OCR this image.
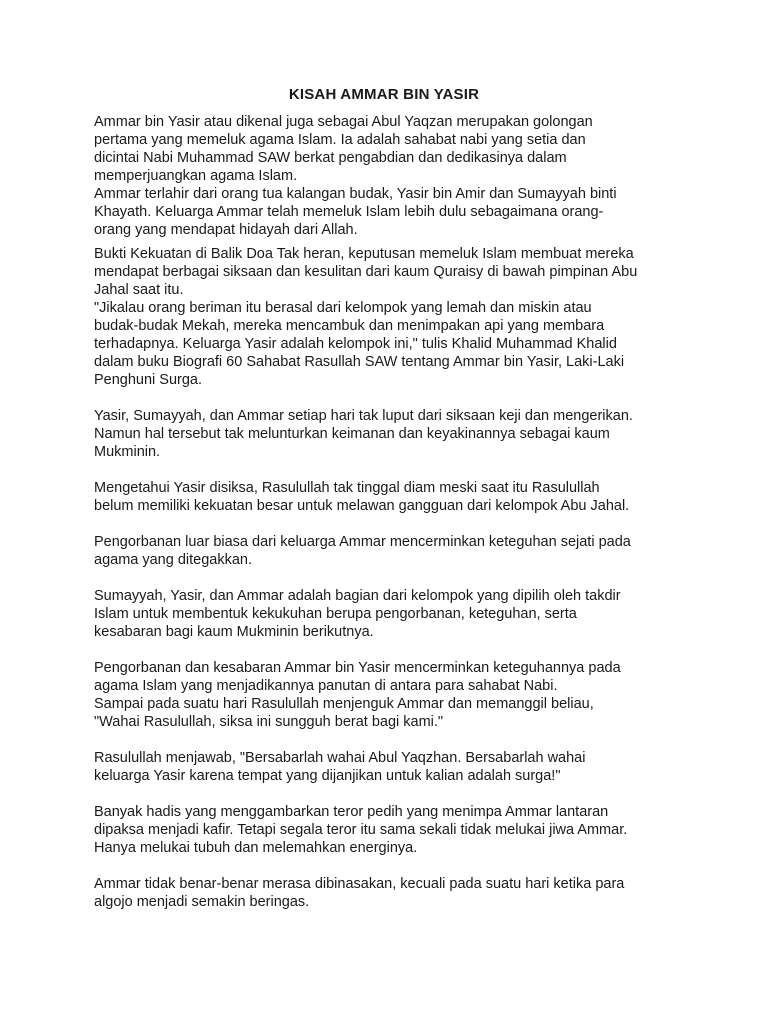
KISAH AMMAR BIN YASIR

Ammar bin Yasir atau dikenal juga sebagai Abul Yaqzan merupakan golongan
pertama yang memeluk agama Islam. Ia adalah sahabat nabi yang setia dan
dicintai Nabi Muhammad SAW berkat pengabdian dan dedikasinya dalam
memperjuangkan agama Islam.

Ammar terlahir dari orang tua kalangan budak, Yasir bin Amir dan Sumayyah binti
Khayath. Keluarga Ammar telah memeluk Islam lebih dulu sebagaimana orang-
orang yang mendapat hidayah dari Allah.

Bukti Kekuatan di Balik Doa Tak heran, keputusan memeluk Islam membuat mereka
mendapat berbagai siksaan dan kesulitan dari kaum Quraisy di bawah pimpinan Abu
Jahal saat itu.

"Jikalau orang beriman itu berasal dari kelompok yang lemah dan miskin atau
budak-budak Mekah, mereka mencambuk dan menimpakan api yang membara
terhadapnya. Keluarga Yasir adalah kelompok ini," tulis Khalid Muhammad Khalid
dalam buku Biografi 60 Sahabat Rasullah SAW tentang Ammar bin Yasir, Laki-Laki
Penghuni Surga.

Yasir, Sumayyah, dan Ammar setiap hari tak luput dari siksaan keji dan mengerikan.
Namun hal tersebut tak melunturkan keimanan dan keyakinannya sebagai kaum
Mukminin.

Mengetahui Yasir disiksa, Rasulullah tak tinggal diam meski saat itu Rasulullah
belum memiliki kekuatan besar untuk melawan gangguan dari kelompok Abu Jahal.

Pengorbanan luar biasa dari keluarga Ammar mencerminkan keteguhan sejati pada
agama yang ditegakkan.

Sumayyah, Yasir, dan Ammar adalah bagian dari kelompok yang dipilih oleh takdir
Islam untuk membentuk kekukuhan berupa pengorbanan, keteguhan, serta
kesabaran bagi kaum Mukminin berikutnya.

Pengorbanan dan kesabaran Ammar bin Yasir mencerminkan keteguhannya pada
agama Islam yang menjadikannya panutan di antara para sahabat Nabi.

Sampai pada suatu hari Rasulullah menjenguk Ammar dan memanggil beliau,
"Wahai Rasulullah, siksa ini sungguh berat bagi kami."

Rasulullah menjawab, "Bersabarlah wahai Abul Yaqzhan. Bersabarlah wahai
keluarga Yasir karena tempat yang dijanjikan untuk kalian adalah surga!"

Banyak hadis yang menggambarkan teror pedih yang menimpa Ammar lantaran
dipaksa menjadi kafir. Tetapi segala teror itu sama sekali tidak melukai jiwa Ammar.
Hanya melukai tubuh dan melemahkan energinya.

Ammar tidak benar-benar merasa dibinasakan, kecuali pada suatu hari ketika para
algojo menjadi semakin beringas.
